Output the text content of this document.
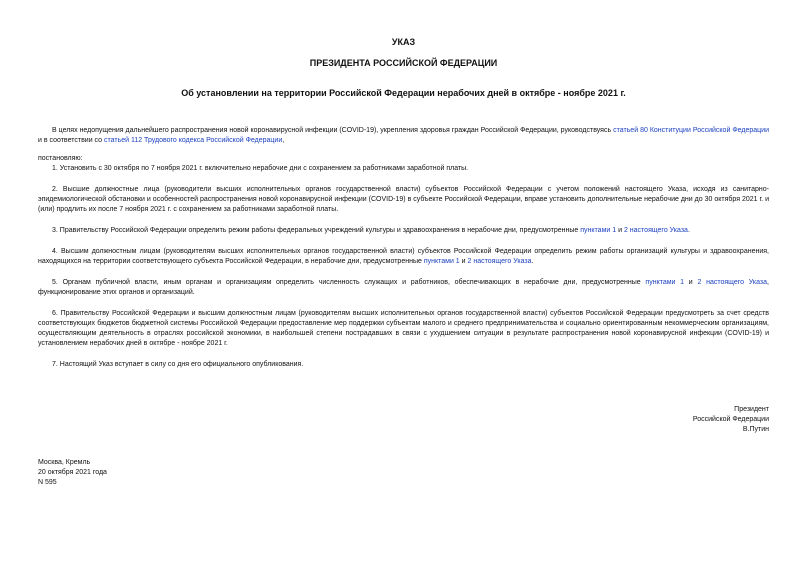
УКАЗ
ПРЕЗИДЕНТА РОССИЙСКОЙ ФЕДЕРАЦИИ
Об установлении на территории Российской Федерации нерабочих дней в октябре - ноябре 2021 г.

В целях недопущения дальнейшего распространения новой коронавирусной инфекции (COVID-19), укрепления здоровья граждан Российской Федерации, руководствуясь статьей 80 Конституции Российской Федерации и в соответствии со статьей 112 Трудового кодекса Российской Федерации,

постановляю:

1. Установить с 30 октября по 7 ноября 2021 г. включительно нерабочие дни с сохранением за работниками заработной платы.

2. Высшие должностные лица (руководители высших исполнительных органов государственной власти) субъектов Российской Федерации с учетом положений настоящего Указа, исходя из санитарно-эпидемиологической обстановки и особенностей распространения новой коронавирусной инфекции (COVID-19) в субъекте Российской Федерации, вправе установить дополнительные нерабочие дни до 30 октября 2021 г. и (или) продлить их после 7 ноября 2021 г. с сохранением за работниками заработной платы.

3. Правительству Российской Федерации определить режим работы федеральных учреждений культуры и здравоохранения в нерабочие дни, предусмотренные пунктами 1 и 2 настоящего Указа.

4. Высшим должностным лицам (руководителям высших исполнительных органов государственной власти) субъектов Российской Федерации определить режим работы организаций культуры и здравоохранения, находящихся на территории соответствующего субъекта Российской Федерации, в нерабочие дни, предусмотренные пунктами 1 и 2 настоящего Указа.

5. Органам публичной власти, иным органам и организациям определить численность служащих и работников, обеспечивающих в нерабочие дни, предусмотренные пунктами 1 и 2 настоящего Указа, функционирование этих органов и организаций.

6. Правительству Российской Федерации и высшим должностным лицам (руководителям высших исполнительных органов государственной власти) субъектов Российской Федерации предусмотреть за счет средств соответствующих бюджетов бюджетной системы Российской Федерации предоставление мер поддержки субъектам малого и среднего предпринимательства и социально ориентированным некоммерческим организациям, осуществляющим деятельность в отраслях российской экономики, в наибольшей степени пострадавших в связи с ухудшением ситуации в результате распространения новой коронавирусной инфекции (COVID-19) и установлением нерабочих дней в октябре - ноябре 2021 г.

7. Настоящий Указ вступает в силу со дня его официального опубликования.

Президент
Российской Федерации
В.Путин
Москва, Кремль
20 октября 2021 года
N 595
